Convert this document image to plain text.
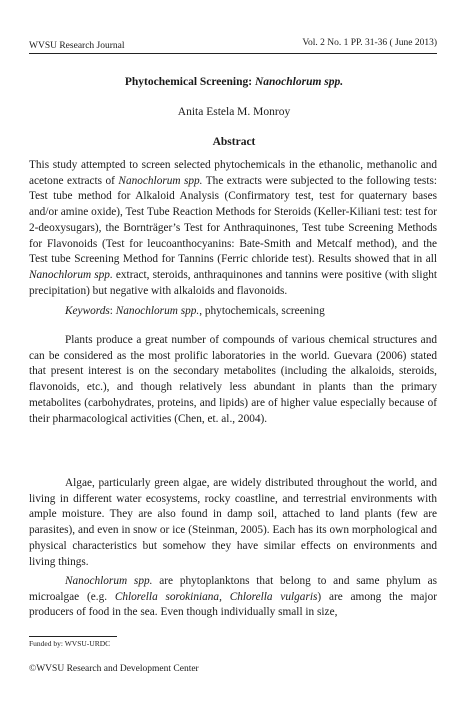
WVSU Research Journal	Vol. 2 No. 1 PP. 31-36 ( June 2013)
Phytochemical Screening: Nanochlorum spp.
Anita Estela M. Monroy
Abstract
This study attempted to screen selected phytochemicals in the ethanolic, methanolic and acetone extracts of Nanochlorum spp. The extracts were subjected to the following tests: Test tube method for Alkaloid Analysis (Confirmatory test, test for quaternary bases and/or amine oxide), Test Tube Reaction Methods for Steroids (Keller-Kiliani test: test for 2-deoxysugars), the Bornträger’s Test for Anthraquinones, Test tube Screening Methods for Flavonoids (Test for leucoanthocyanins: Bate-Smith and Metcalf method), and the Test tube Screening Method for Tannins (Ferric chloride test). Results showed that in all Nanochlorum spp. extract, steroids, anthraquinones and tannins were positive (with slight precipitation) but negative with alkaloids and flavonoids.
Keywords: Nanochlorum spp., phytochemicals, screening
Plants produce a great number of compounds of various chemical structures and can be considered as the most prolific laboratories in the world. Guevara (2006) stated that present interest is on the secondary metabolites (including the alkaloids, steroids, flavonoids, etc.), and though relatively less abundant in plants than the primary metabolites (carbohydrates, proteins, and lipids) are of higher value especially because of their pharmacological activities (Chen, et. al., 2004).
Algae, particularly green algae, are widely distributed throughout the world, and living in different water ecosystems, rocky coastline, and terrestrial environments with ample moisture. They are also found in damp soil, attached to land plants (few are parasites), and even in snow or ice (Steinman, 2005). Each has its own morphological and physical characteristics but somehow they have similar effects on environments and living things.
Nanochlorum spp. are phytoplanktons that belong to and same phylum as microalgae (e.g. Chlorella sorokiniana, Chlorella vulgaris) are among the major producers of food in the sea. Even though individually small in size,
Funded by: WVSU-URDC
©WVSU Research and Development Center
